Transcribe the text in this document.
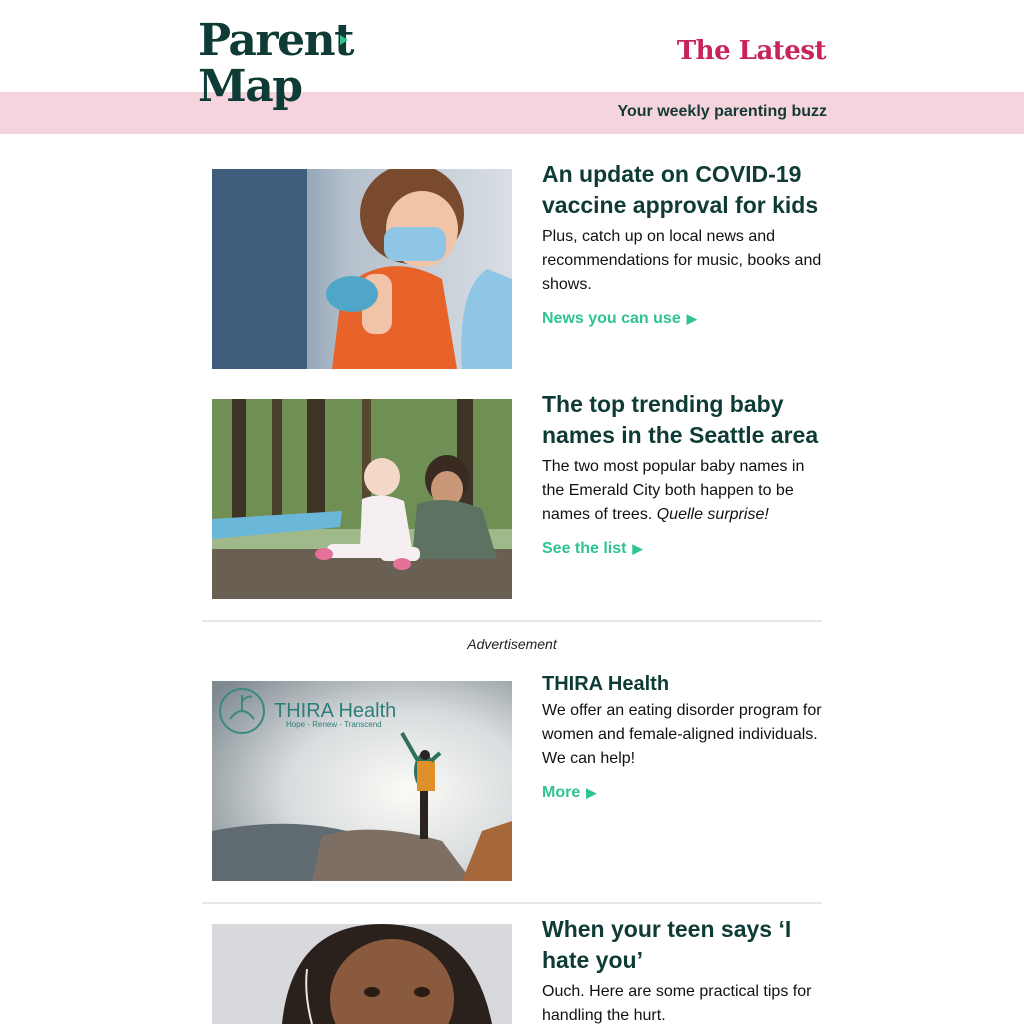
Parent
Map
The Latest
Your weekly parenting buzz
An update on COVID-19 vaccine approval for kids

Plus, catch up on local news and recommendations for music, books and shows.

News you can use ▶
The top trending baby names in the Seattle area

The two most popular baby names in the Emerald City both happen to be names of trees. Quelle surprise!

See the list ▶
Advertisement
THIRA Health
Hope - Renew - Transcend
THIRA Health

We offer an eating disorder program for women and female-aligned individuals. We can help!

More ▶
When your teen says ‘I hate you’

Ouch. Here are some practical tips for handling the hurt.
